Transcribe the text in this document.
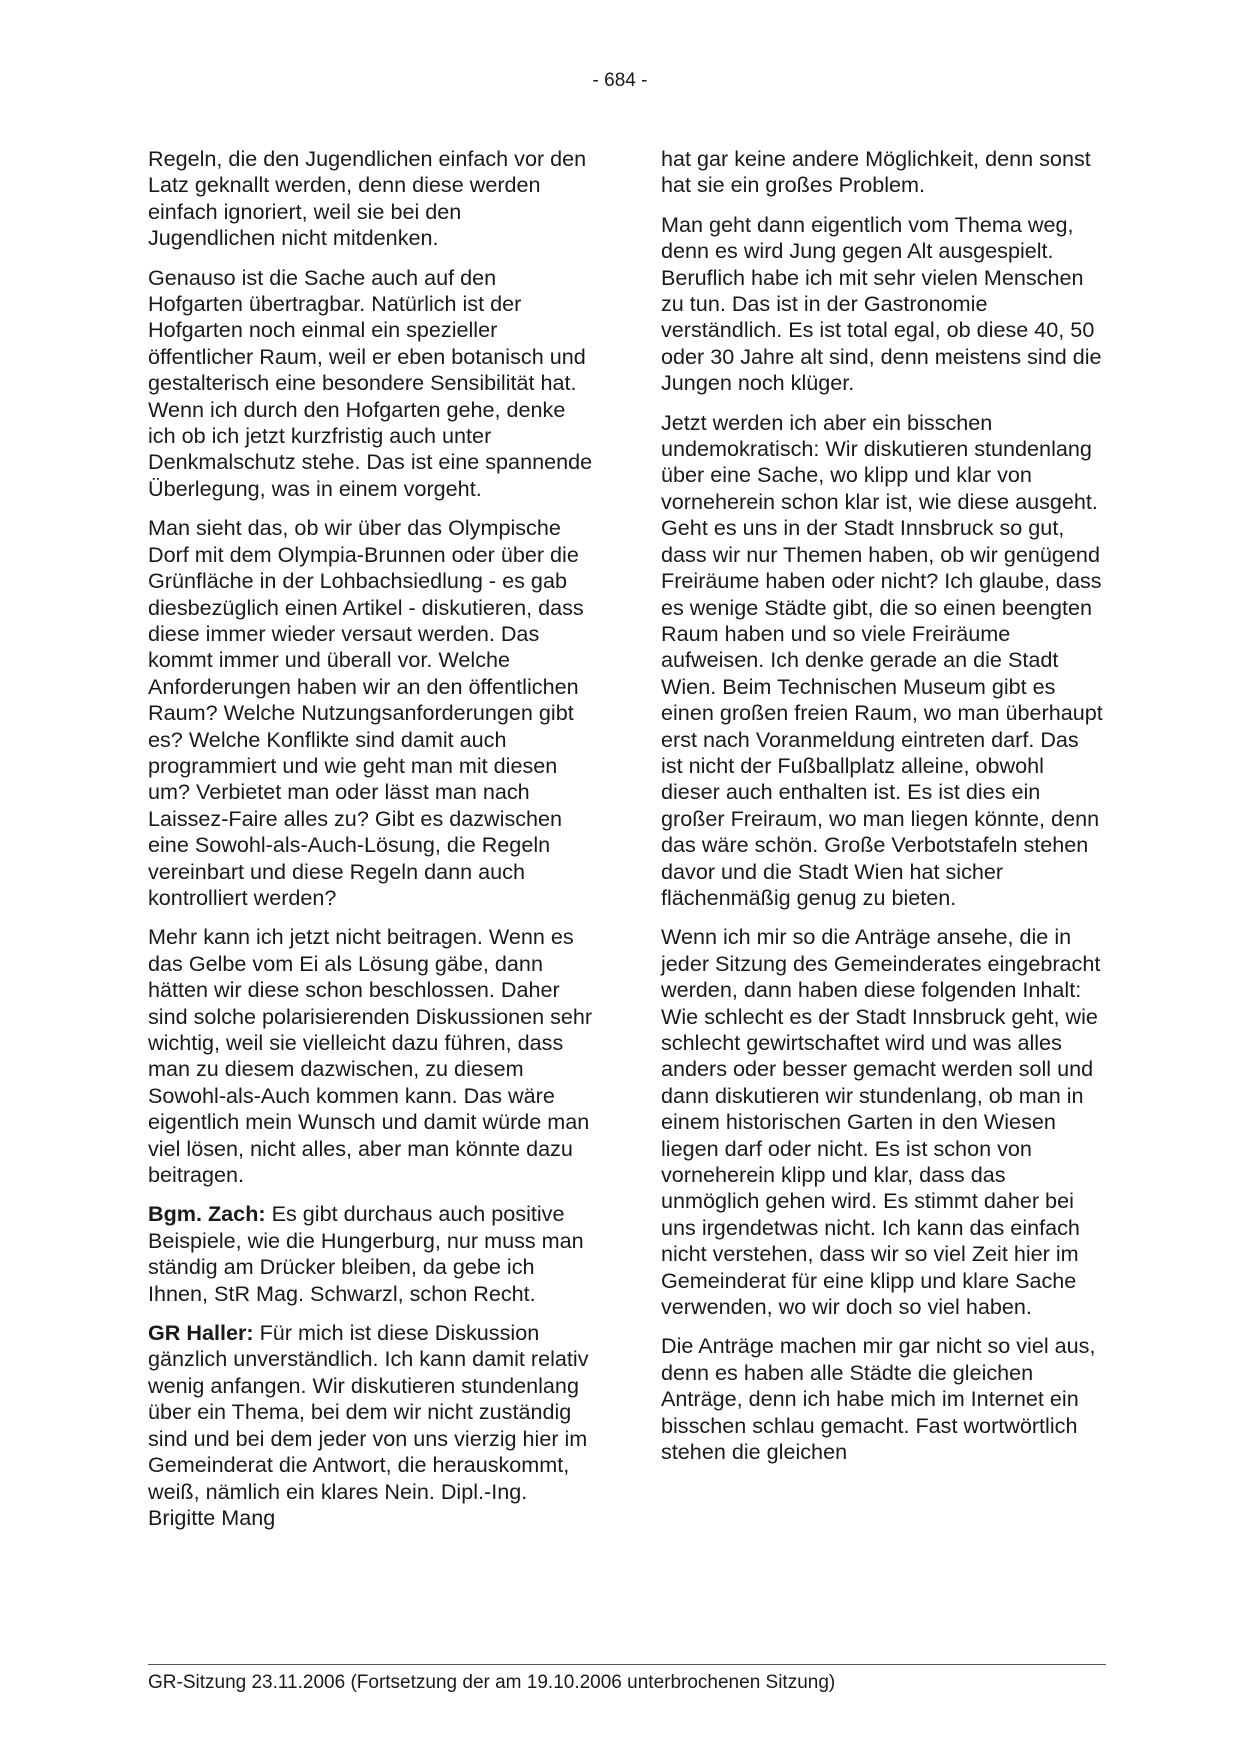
- 684 -

Regeln, die den Jugendlichen einfach vor den Latz geknallt werden, denn diese werden einfach ignoriert, weil sie bei den Jugendlichen nicht mitdenken.

Genauso ist die Sache auch auf den Hofgarten übertragbar. Natürlich ist der Hofgarten noch einmal ein spezieller öffentlicher Raum, weil er eben botanisch und gestalterisch eine besondere Sensibilität hat. Wenn ich durch den Hofgarten gehe, denke ich ob ich jetzt kurzfristig auch unter Denkmalschutz stehe. Das ist eine spannende Überlegung, was in einem vorgeht.

Man sieht das, ob wir über das Olympische Dorf mit dem Olympia-Brunnen oder über die Grünfläche in der Lohbachsiedlung - es gab diesbezüglich einen Artikel - diskutieren, dass diese immer wieder versaut werden. Das kommt immer und überall vor. Welche Anforderungen haben wir an den öffentlichen Raum? Welche Nutzungsanforderungen gibt es? Welche Konflikte sind damit auch programmiert und wie geht man mit diesen um? Verbietet man oder lässt man nach Laissez-Faire alles zu? Gibt es dazwischen eine Sowohl-als-Auch-Lösung, die Regeln vereinbart und diese Regeln dann auch kontrolliert werden?

Mehr kann ich jetzt nicht beitragen. Wenn es das Gelbe vom Ei als Lösung gäbe, dann hätten wir diese schon beschlossen. Daher sind solche polarisierenden Diskussionen sehr wichtig, weil sie vielleicht dazu führen, dass man zu diesem dazwischen, zu diesem Sowohl-als-Auch kommen kann. Das wäre eigentlich mein Wunsch und damit würde man viel lösen, nicht alles, aber man könnte dazu beitragen.

Bgm. Zach: Es gibt durchaus auch positive Beispiele, wie die Hungerburg, nur muss man ständig am Drücker bleiben, da gebe ich Ihnen, StR Mag. Schwarzl, schon Recht.

GR Haller: Für mich ist diese Diskussion gänzlich unverständlich. Ich kann damit relativ wenig anfangen. Wir diskutieren stundenlang über ein Thema, bei dem wir nicht zuständig sind und bei dem jeder von uns vierzig hier im Gemeinderat die Antwort, die herauskommt, weiß, nämlich ein klares Nein. Dipl.-Ing. Brigitte Mang

hat gar keine andere Möglichkeit, denn sonst hat sie ein großes Problem.

Man geht dann eigentlich vom Thema weg, denn es wird Jung gegen Alt ausgespielt. Beruflich habe ich mit sehr vielen Menschen zu tun. Das ist in der Gastronomie verständlich. Es ist total egal, ob diese 40, 50 oder 30 Jahre alt sind, denn meistens sind die Jungen noch klüger.

Jetzt werden ich aber ein bisschen undemokratisch: Wir diskutieren stundenlang über eine Sache, wo klipp und klar von vorneherein schon klar ist, wie diese ausgeht. Geht es uns in der Stadt Innsbruck so gut, dass wir nur Themen haben, ob wir genügend Freiräume haben oder nicht? Ich glaube, dass es wenige Städte gibt, die so einen beengten Raum haben und so viele Freiräume aufweisen. Ich denke gerade an die Stadt Wien. Beim Technischen Museum gibt es einen großen freien Raum, wo man überhaupt erst nach Voranmeldung eintreten darf. Das ist nicht der Fußballplatz alleine, obwohl dieser auch enthalten ist. Es ist dies ein großer Freiraum, wo man liegen könnte, denn das wäre schön. Große Verbotstafeln stehen davor und die Stadt Wien hat sicher flächenmäßig genug zu bieten.

Wenn ich mir so die Anträge ansehe, die in jeder Sitzung des Gemeinderates eingebracht werden, dann haben diese folgenden Inhalt: Wie schlecht es der Stadt Innsbruck geht, wie schlecht gewirtschaftet wird und was alles anders oder besser gemacht werden soll und dann diskutieren wir stundenlang, ob man in einem historischen Garten in den Wiesen liegen darf oder nicht. Es ist schon von vorneherein klipp und klar, dass das unmöglich gehen wird. Es stimmt daher bei uns irgendetwas nicht. Ich kann das einfach nicht verstehen, dass wir so viel Zeit hier im Gemeinderat für eine klipp und klare Sache verwenden, wo wir doch so viel haben.

Die Anträge machen mir gar nicht so viel aus, denn es haben alle Städte die gleichen Anträge, denn ich habe mich im Internet ein bisschen schlau gemacht. Fast wortwörtlich stehen die gleichen

GR-Sitzung 23.11.2006 (Fortsetzung der am 19.10.2006 unterbrochenen Sitzung)
